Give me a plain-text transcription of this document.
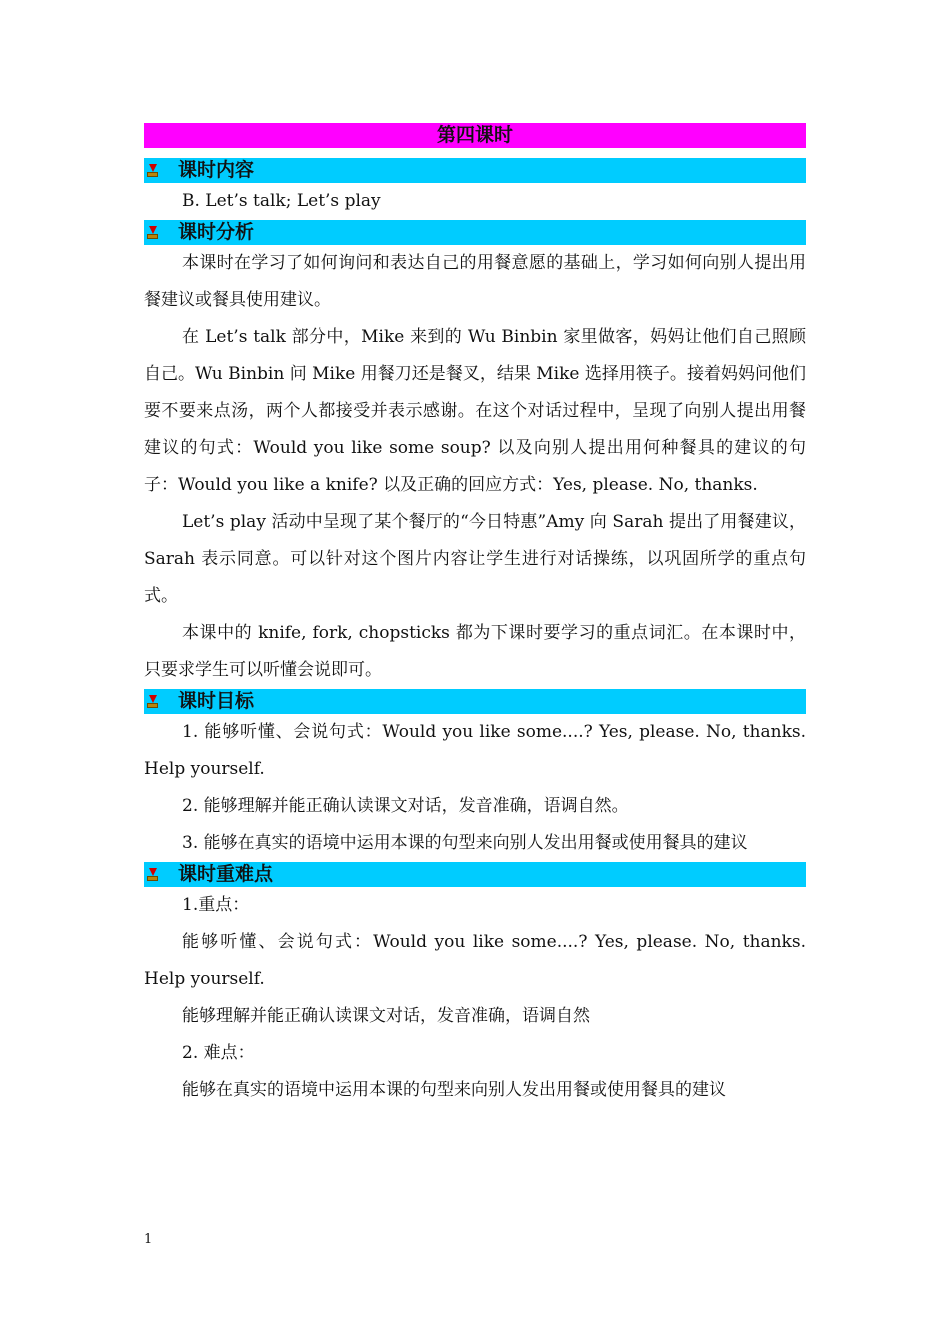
第四课时
课时内容

B. Let’s talk; Let’s play

课时分析

本课时在学习了如何询问和表达自己的用餐意愿的基础上，学习如何向别人提出用餐建议或餐具使用建议。

在 Let’s talk 部分中，Mike 来到的 Wu Binbin 家里做客，妈妈让他们自己照顾自己。Wu Binbin 问 Mike 用餐刀还是餐叉，结果 Mike 选择用筷子。接着妈妈问他们要不要来点汤，两个人都接受并表示感谢。在这个对话过程中，呈现了向别人提出用餐建议的句式：Would you like some soup? 以及向别人提出用何种餐具的建议的句子：Would you like a knife? 以及正确的回应方式：Yes, please. No, thanks.

Let’s play 活动中呈现了某个餐厅的“今日特惠”Amy 向 Sarah 提出了用餐建议，Sarah 表示同意。可以针对这个图片内容让学生进行对话操练，以巩固所学的重点句式。

本课中的 knife, fork, chopsticks 都为下课时要学习的重点词汇。在本课时中，只要求学生可以听懂会说即可。

课时目标

1. 能够听懂、会说句式：Would you like some....? Yes, please. No, thanks. Help yourself.

2. 能够理解并能正确认读课文对话，发音准确，语调自然。

3. 能够在真实的语境中运用本课的句型来向别人发出用餐或使用餐具的建议

课时重难点

1.重点：

能够听懂、会说句式：Would you like some....? Yes, please. No, thanks. Help yourself.

能够理解并能正确认读课文对话，发音准确，语调自然

2. 难点：

能够在真实的语境中运用本课的句型来向别人发出用餐或使用餐具的建议

1
